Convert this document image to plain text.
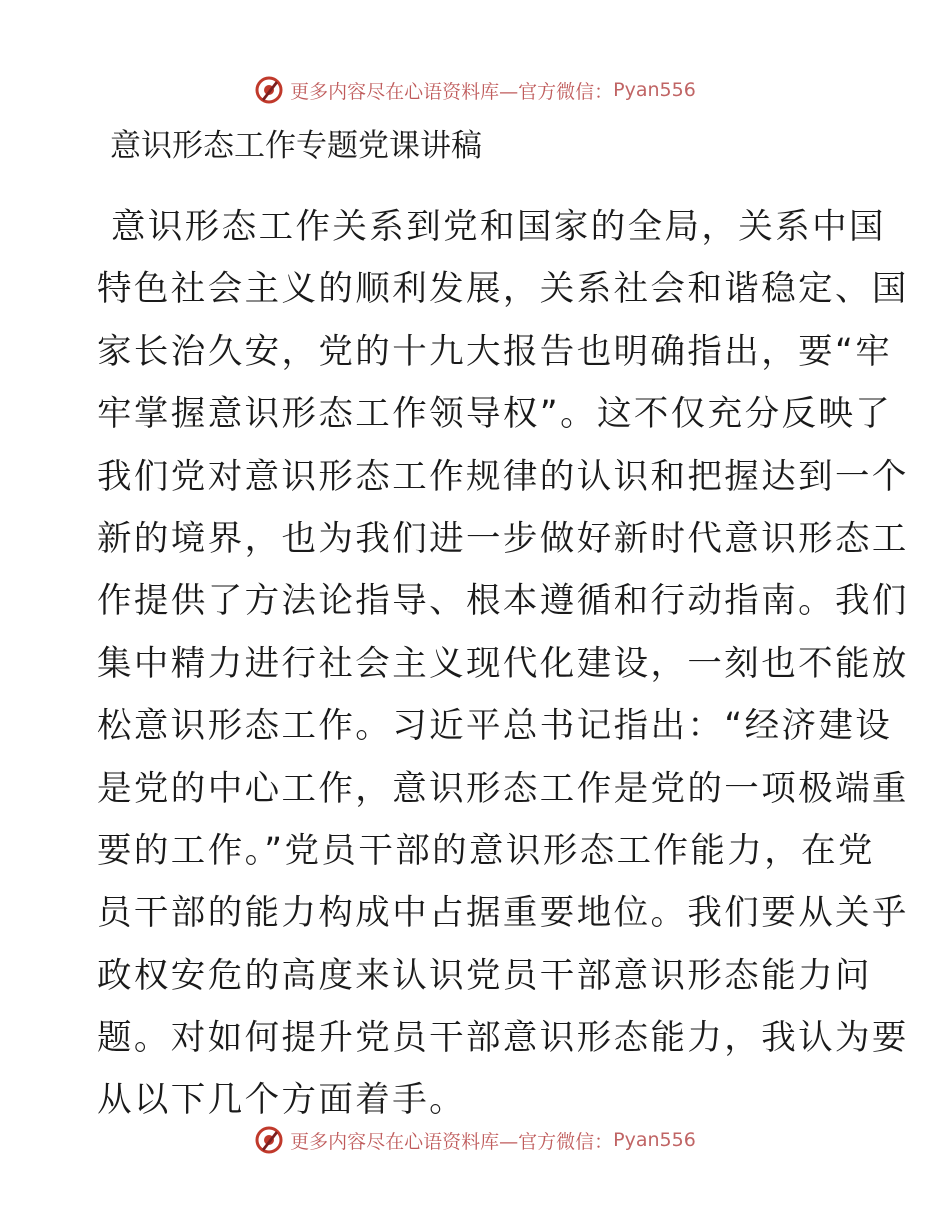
更多内容尽在心语资料库—官方微信： Pyan556
意识形态工作专题党课讲稿
意识形态工作关系到党和国家的全局，关系中国
特色社会主义的顺利发展，关系社会和谐稳定、国
家长治久安，党的十九大报告也明确指出，要“牢
牢掌握意识形态工作领导权”。这不仅充分反映了
我们党对意识形态工作规律的认识和把握达到一个
新的境界，也为我们进一步做好新时代意识形态工
作提供了方法论指导、根本遵循和行动指南。我们
集中精力进行社会主义现代化建设，一刻也不能放
松意识形态工作。习近平总书记指出：“经济建设
是党的中心工作，意识形态工作是党的一项极端重
要的工作。”党员干部的意识形态工作能力，在党
员干部的能力构成中占据重要地位。我们要从关乎
政权安危的高度来认识党员干部意识形态能力问
题。对如何提升党员干部意识形态能力，我认为要
从以下几个方面着手。
更多内容尽在心语资料库—官方微信： Pyan556
